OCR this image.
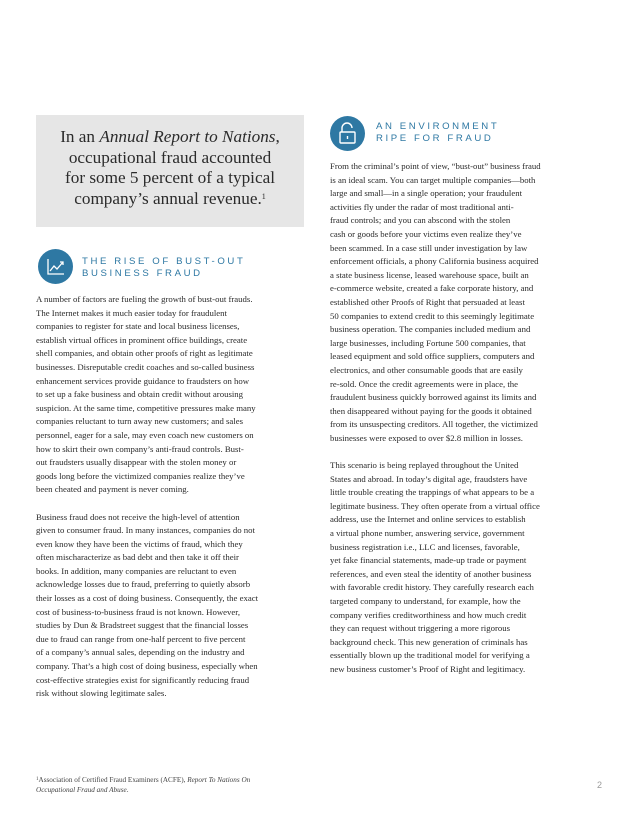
In an Annual Report to Nations,
occupational fraud accounted
for some 5 percent of a typical
company’s annual revenue.$^1$
THE RISE OF BUST-OUT
BUSINESS FRAUD
AN ENVIRONMENT
RIPE FOR FRAUD
A number of factors are fueling the growth of bust-out frauds.
The Internet makes it much easier today for fraudulent
companies to register for state and local business licenses,
establish virtual offices in prominent office buildings, create
shell companies, and obtain other proofs of right as legitimate
businesses. Disreputable credit coaches and so-called business
enhancement services provide guidance to fraudsters on how
to set up a fake business and obtain credit without arousing
suspicion. At the same time, competitive pressures make many
companies reluctant to turn away new customers; and sales
personnel, eager for a sale, may even coach new customers on
how to skirt their own company’s anti-fraud controls. Bust-
out fraudsters usually disappear with the stolen money or
goods long before the victimized companies realize they’ve
been cheated and payment is never coming.
Business fraud does not receive the high-level of attention
given to consumer fraud. In many instances, companies do not
even know they have been the victims of fraud, which they
often mischaracterize as bad debt and then take it off their
books. In addition, many companies are reluctant to even
acknowledge losses due to fraud, preferring to quietly absorb
their losses as a cost of doing business. Consequently, the exact
cost of business-to-business fraud is not known. However,
studies by Dun & Bradstreet suggest that the financial losses
due to fraud can range from one-half percent to five percent
of a company’s annual sales, depending on the industry and
company. That’s a high cost of doing business, especially when
cost-effective strategies exist for significantly reducing fraud
risk without slowing legitimate sales.
From the criminal’s point of view, “bust-out” business fraud
is an ideal scam. You can target multiple companies—both
large and small—in a single operation; your fraudulent
activities fly under the radar of most traditional anti-
fraud controls; and you can abscond with the stolen
cash or goods before your victims even realize they’ve
been scammed. In a case still under investigation by law
enforcement officials, a phony California business acquired
a state business license, leased warehouse space, built an
e-commerce website, created a fake corporate history, and
established other Proofs of Right that persuaded at least
50 companies to extend credit to this seemingly legitimate
business operation. The companies included medium and
large businesses, including Fortune 500 companies, that
leased equipment and sold office suppliers, computers and
electronics, and other consumable goods that are easily
re-sold. Once the credit agreements were in place, the
fraudulent business quickly borrowed against its limits and
then disappeared without paying for the goods it obtained
from its unsuspecting creditors. All together, the victimized
businesses were exposed to over $2.8 million in losses.
This scenario is being replayed throughout the United
States and abroad. In today’s digital age, fraudsters have
little trouble creating the trappings of what appears to be a
legitimate business. They often operate from a virtual office
address, use the Internet and online services to establish
a virtual phone number, answering service, government
business registration i.e., LLC and licenses, favorable,
yet fake financial statements, made-up trade or payment
references, and even steal the identity of another business
with favorable credit history. They carefully research each
targeted company to understand, for example, how the
company verifies creditworthiness and how much credit
they can request without triggering a more rigorous
background check. This new generation of criminals has
essentially blown up the traditional model for verifying a
new business customer’s Proof of Right and legitimacy.
$^1$Association of Certified Fraud Examiners (ACFE), Report To Nations On
Occupational Fraud and Abuse.	2
